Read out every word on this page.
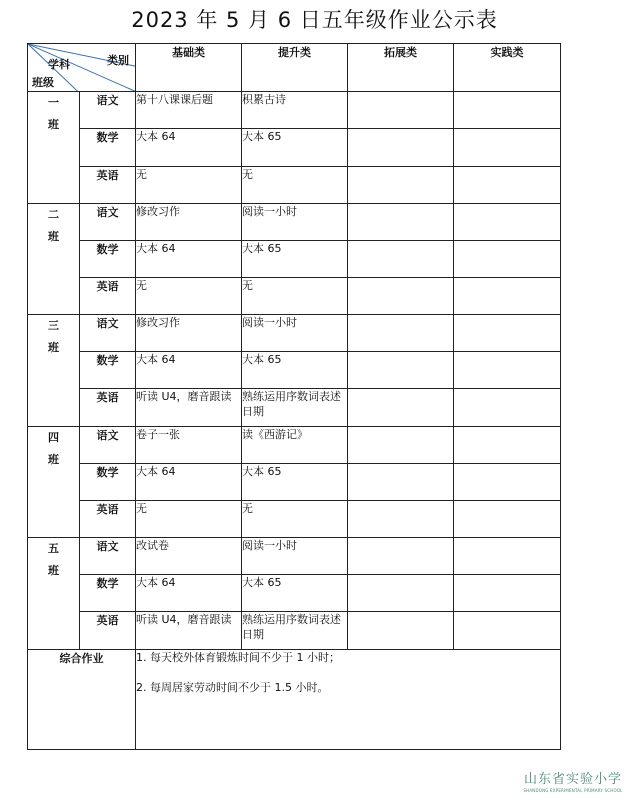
2023 年 5 月 6 日五年级作业公示表
类别
学科
班级		基础类	提升类	拓展类	实践类

一
班	语文	第十八课课后题	积累古诗		
	数学	大本 64	大本 65		
	英语	无	无		

二
班	语文	修改习作	阅读一小时		
	数学	大本 64	大本 65		
	英语	无	无		

三
班	语文	修改习作	阅读一小时		
	数学	大本 64	大本 65		
	英语	听读 U4，磨音跟读	熟练运用序数词表述日期		

四
班	语文	卷子一张	读《西游记》		
	数学	大本 64	大本 65		
	英语	无	无		

五
班	语文	改试卷	阅读一小时		
	数学	大本 64	大本 65		
	英语	听读 U4，磨音跟读	熟练运用序数词表述日期		
综合作业		1. 每天校外体育锻炼时间不少于 1 小时；

2. 每周居家劳动时间不少于 1.5 小时。			

山东省实验小学
SHANDONG EXPERIMENTAL PRIMARY SCHOOL
